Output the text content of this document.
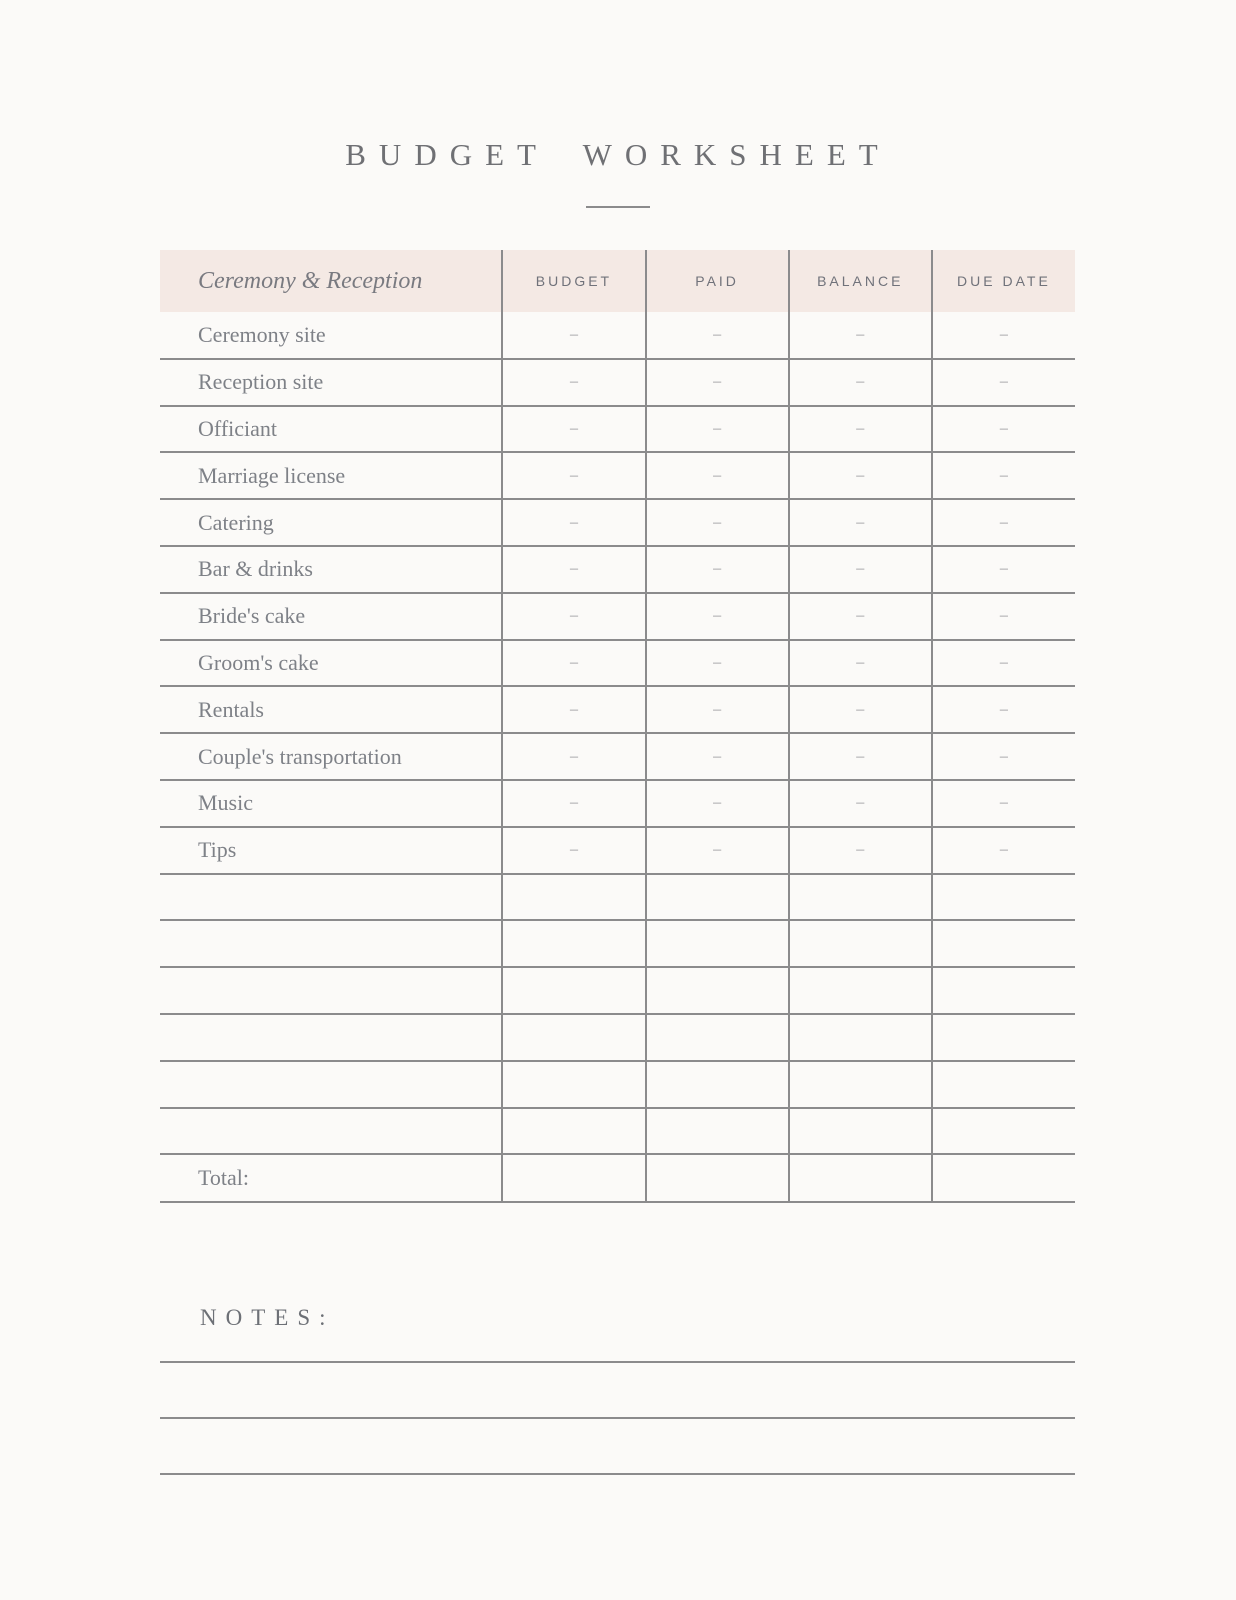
BUDGET WORKSHEET
Ceremony & Reception	BUDGET	PAID	BALANCE	DUE DATE
Ceremony site	–	–	–	–
Reception site	–	–	–	–
Officiant	–	–	–	–
Marriage license	–	–	–	–
Catering	–	–	–	–
Bar & drinks	–	–	–	–
Bride's cake	–	–	–	–
Groom's cake	–	–	–	–
Rentals	–	–	–	–
Couple's transportation	–	–	–	–
Music	–	–	–	–
Tips	–	–	–	–

Total:				
NOTES:
